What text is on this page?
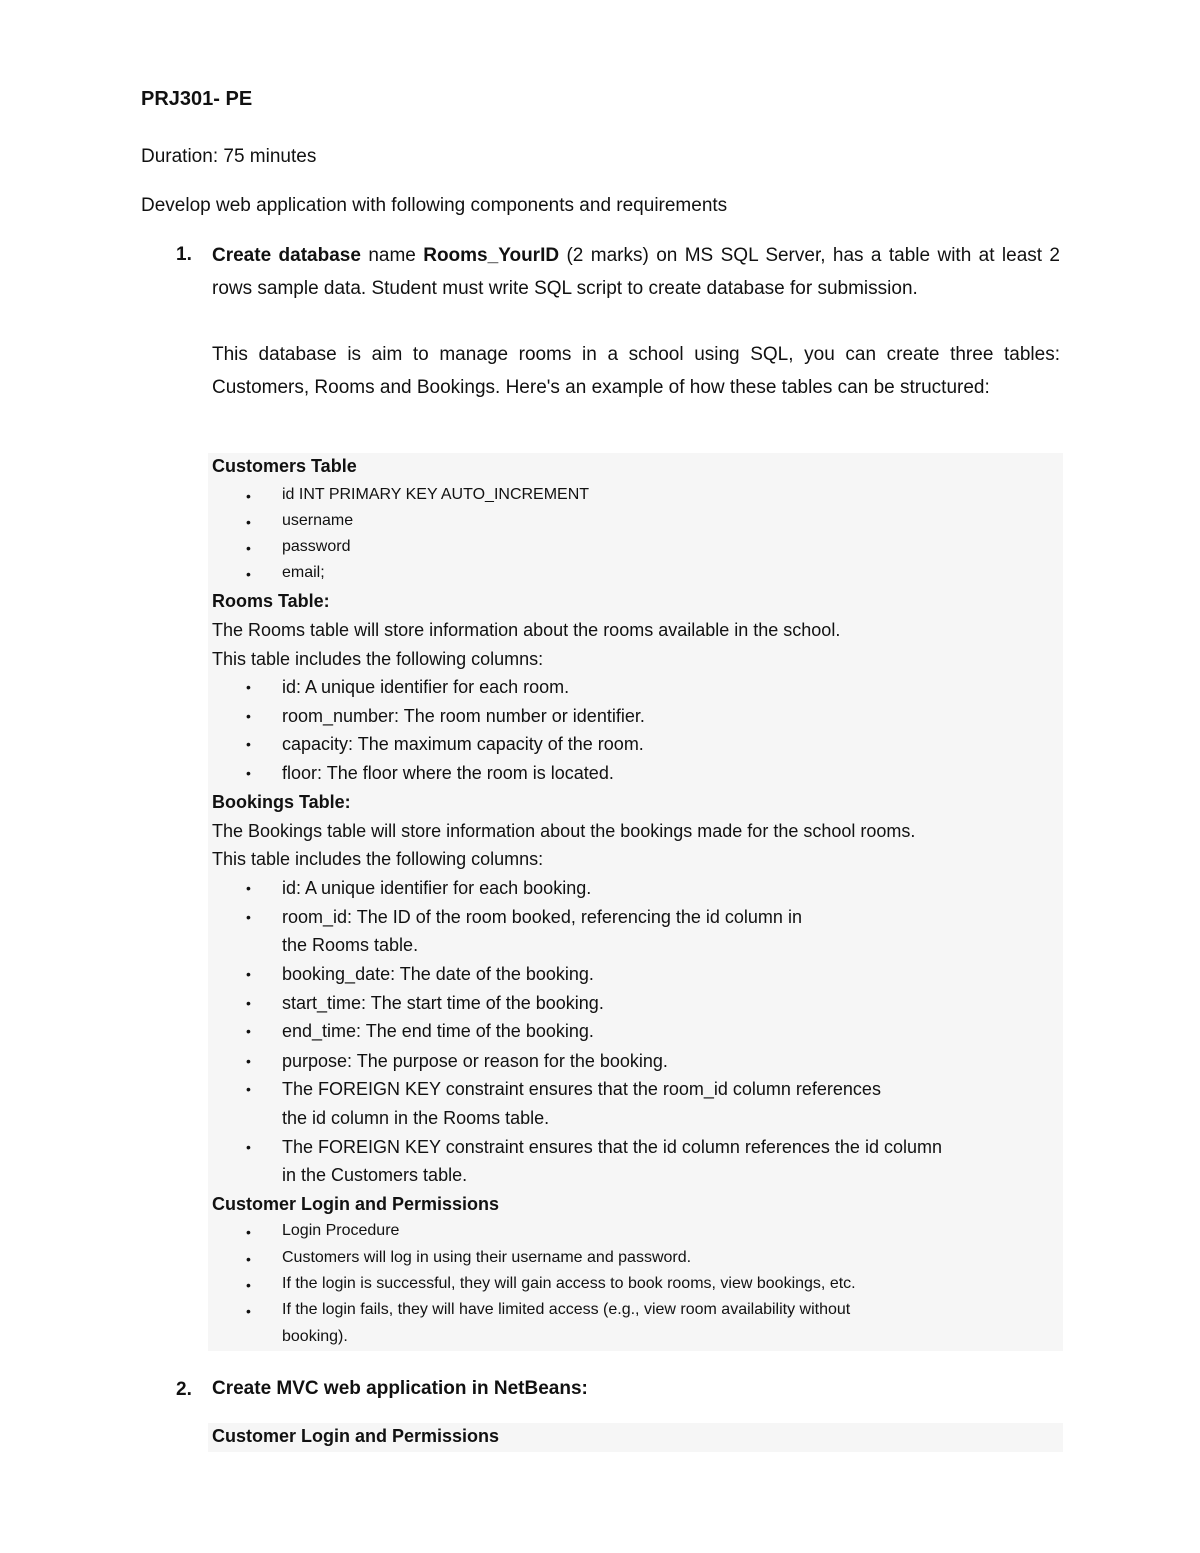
PRJ301- PE
Duration: 75 minutes
Develop web application with following components and requirements
1. Create database name Rooms_YourID (2 marks) on MS SQL Server, has a table with at least 2 rows sample data. Student must write SQL script to create database for submission.
This database is aim to manage rooms in a school using SQL, you can create three tables: Customers, Rooms and Bookings. Here's an example of how these tables can be structured:
Customers Table
• id INT PRIMARY KEY AUTO_INCREMENT
• username
• password
• email;
Rooms Table:
The Rooms table will store information about the rooms available in the school.
This table includes the following columns:
• id: A unique identifier for each room.
• room_number: The room number or identifier.
• capacity: The maximum capacity of the room.
• floor: The floor where the room is located.
Bookings Table:
The Bookings table will store information about the bookings made for the school rooms.
This table includes the following columns:
• id: A unique identifier for each booking.
• room_id: The ID of the room booked, referencing the id column in
the Rooms table.
• booking_date: The date of the booking.
• start_time: The start time of the booking.
• end_time: The end time of the booking.
• purpose: The purpose or reason for the booking.
• The FOREIGN KEY constraint ensures that the room_id column references
the id column in the Rooms table.
• The FOREIGN KEY constraint ensures that the id column references the id column
in the Customers table.
Customer Login and Permissions
• Login Procedure
• Customers will log in using their username and password.
• If the login is successful, they will gain access to book rooms, view bookings, etc.
• If the login fails, they will have limited access (e.g., view room availability without
booking).
2. Create MVC web application in NetBeans:
Customer Login and Permissions
